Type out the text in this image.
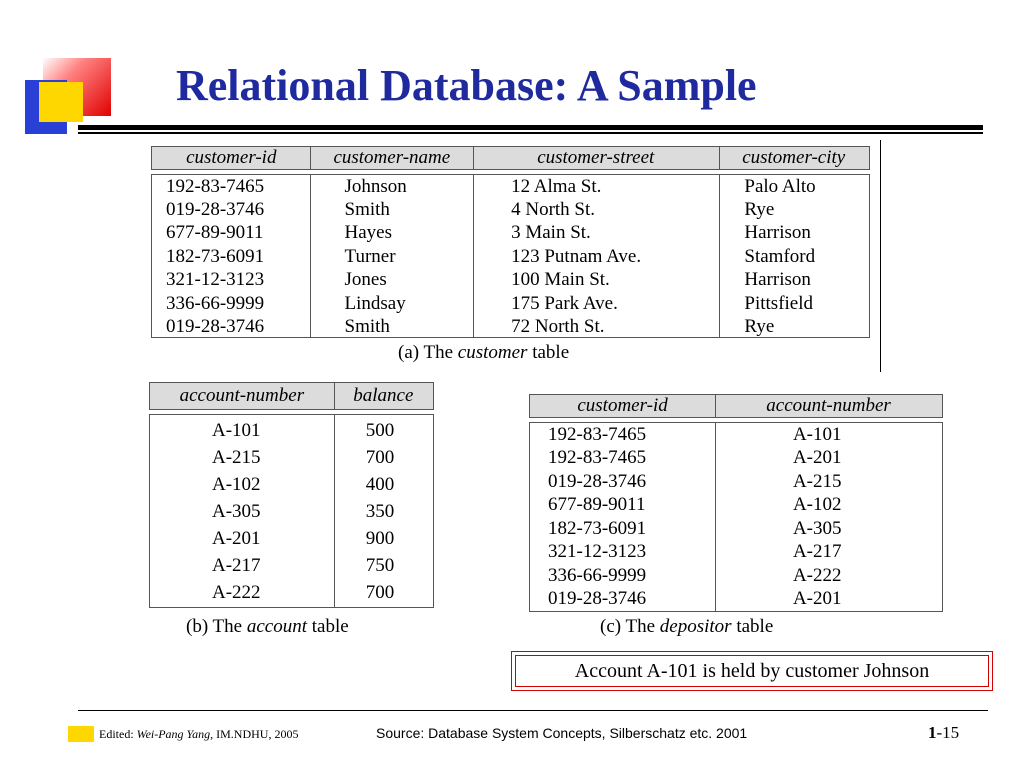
Relational Database: A Sample
customer-id	customer-name	customer-street	customer-city
192-83-7465	Johnson	12 Alma St.	Palo Alto
019-28-3746	Smith	4 North St.	Rye
677-89-9011	Hayes	3 Main St.	Harrison
182-73-6091	Turner	123 Putnam Ave.	Stamford
321-12-3123	Jones	100 Main St.	Harrison
336-66-9999	Lindsay	175 Park Ave.	Pittsfield
019-28-3746	Smith	72 North St.	Rye
(a) The customer table
account-number	balance
A-101	500
A-215	700
A-102	400
A-305	350
A-201	900
A-217	750
A-222	700
(b) The account table
customer-id	account-number
192-83-7465	A-101
192-83-7465	A-201
019-28-3746	A-215
677-89-9011	A-102
182-73-6091	A-305
321-12-3123	A-217
336-66-9999	A-222
019-28-3746	A-201
(c) The depositor table
Account A-101 is held by customer Johnson
Edited: Wei-Pang Yang, IM.NDHU, 2005	Source: Database System Concepts, Silberschatz etc. 2001	1-15
